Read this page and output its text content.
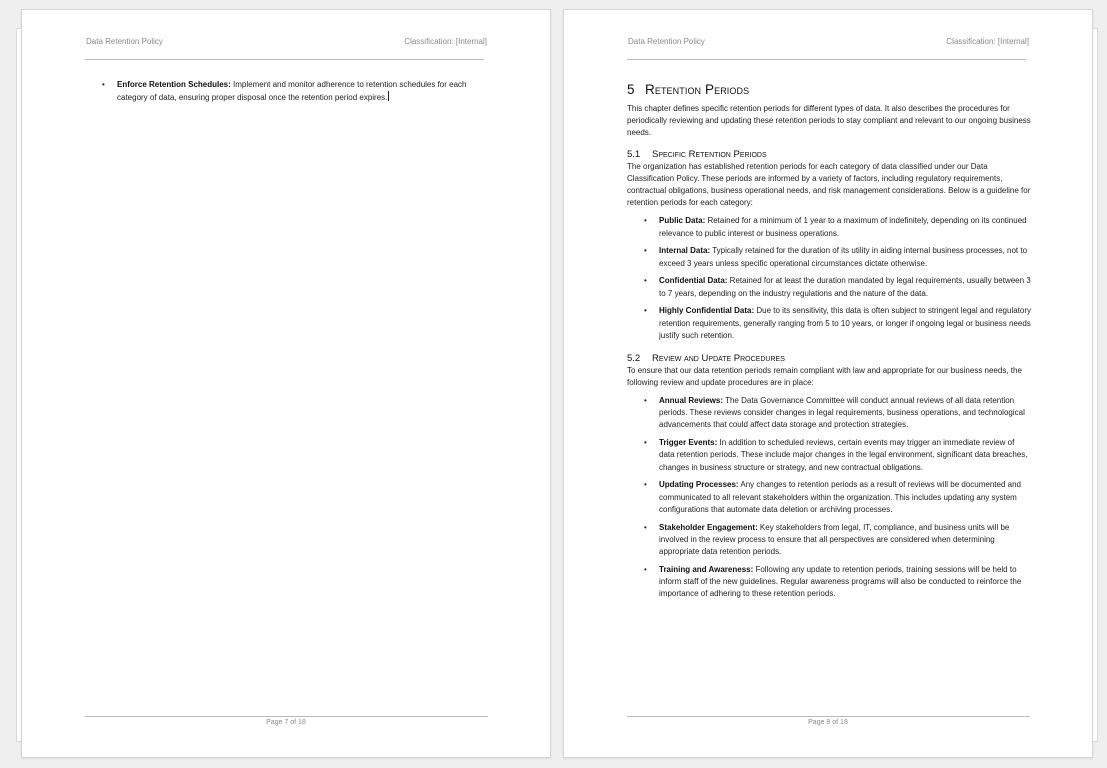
Data Retention Policy	Classification: [Internal]
• Enforce Retention Schedules: Implement and monitor adherence to retention schedules for each category of data, ensuring proper disposal once the retention period expires.
Page 7 of 18
Data Retention Policy	Classification: [Internal]
5 Retention Periods

This chapter defines specific retention periods for different types of data. It also describes the procedures for periodically reviewing and updating these retention periods to stay compliant and relevant to our ongoing business needs.

5.1 Specific Retention Periods

The organization has established retention periods for each category of data classified under our Data Classification Policy. These periods are informed by a variety of factors, including regulatory requirements, contractual obligations, business operational needs, and risk management considerations. Below is a guideline for retention periods for each category:

• Public Data: Retained for a minimum of 1 year to a maximum of indefinitely, depending on its continued relevance to public interest or business operations.
• Internal Data: Typically retained for the duration of its utility in aiding internal business processes, not to exceed 3 years unless specific operational circumstances dictate otherwise.
• Confidential Data: Retained for at least the duration mandated by legal requirements, usually between 3 to 7 years, depending on the industry regulations and the nature of the data.
• Highly Confidential Data: Due to its sensitivity, this data is often subject to stringent legal and regulatory retention requirements, generally ranging from 5 to 10 years, or longer if ongoing legal or business needs justify such retention.
5.2 Review and Update Procedures

To ensure that our data retention periods remain compliant with law and appropriate for our business needs, the following review and update procedures are in place:

• Annual Reviews: The Data Governance Committee will conduct annual reviews of all data retention periods. These reviews consider changes in legal requirements, business operations, and technological advancements that could affect data storage and protection strategies.
• Trigger Events: In addition to scheduled reviews, certain events may trigger an immediate review of data retention periods. These include major changes in the legal environment, significant data breaches, changes in business structure or strategy, and new contractual obligations.
• Updating Processes: Any changes to retention periods as a result of reviews will be documented and communicated to all relevant stakeholders within the organization. This includes updating any system configurations that automate data deletion or archiving processes.
• Stakeholder Engagement: Key stakeholders from legal, IT, compliance, and business units will be involved in the review process to ensure that all perspectives are considered when determining appropriate data retention periods.
• Training and Awareness: Following any update to retention periods, training sessions will be held to inform staff of the new guidelines. Regular awareness programs will also be conducted to reinforce the importance of adhering to these retention periods.
Page 8 of 18
